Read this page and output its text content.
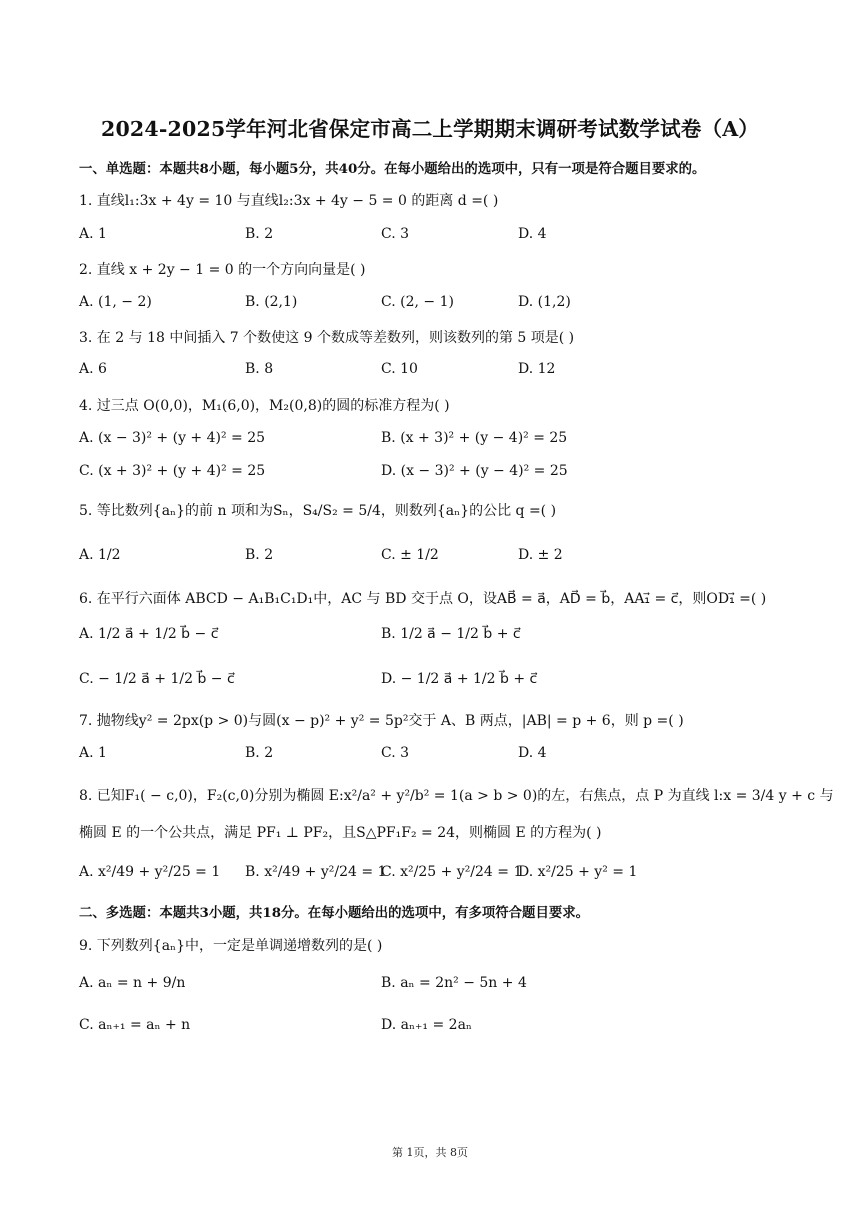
2024-2025学年河北省保定市高二上学期期末调研考试数学试卷（A）
一、单选题：本题共8小题，每小题5分，共40分。在每小题给出的选项中，只有一项是符合题目要求的。
1. 直线l₁:3x + 4y = 10 与直线l₂:3x + 4y − 5 = 0 的距离 d =( )
A. 1	B. 2	C. 3	D. 4
2. 直线 x + 2y − 1 = 0 的一个方向向量是( )
A. (1, − 2)	B. (2,1)	C. (2, − 1)	D. (1,2)
3. 在 2 与 18 中间插入 7 个数使这 9 个数成等差数列，则该数列的第 5 项是( )
A. 6	B. 8	C. 10	D. 12
4. 过三点 O(0,0)，M₁(6,0)，M₂(0,8)的圆的标准方程为( )
A. (x − 3)² + (y + 4)² = 25	B. (x + 3)² + (y − 4)² = 25
C. (x + 3)² + (y + 4)² = 25	D. (x − 3)² + (y − 4)² = 25
5. 等比数列{aₙ}的前 n 项和为Sₙ，S₄/S₂ = 5/4，则数列{aₙ}的公比 q =( )
A. 1/2	B. 2	C. ± 1/2	D. ± 2
6. 在平行六面体 ABCD − A₁B₁C₁D₁中，AC 与 BD 交于点 O，设AB⃗ = a⃗，AD⃗ = b⃗，AA₁⃗ = c⃗，则OD₁⃗ =( )
A. 1/2 a⃗ + 1/2 b⃗ − c⃗	B. 1/2 a⃗ − 1/2 b⃗ + c⃗
C. − 1/2 a⃗ + 1/2 b⃗ − c⃗	D. − 1/2 a⃗ + 1/2 b⃗ + c⃗
7. 抛物线y² = 2px(p > 0)与圆(x − p)² + y² = 5p²交于 A、B 两点，|AB| = p + 6，则 p =( )
A. 1	B. 2	C. 3	D. 4
8. 已知F₁( − c,0)，F₂(c,0)分别为椭圆 E:x²/a² + y²/b² = 1(a > b > 0)的左，右焦点，点 P 为直线 l:x = 3/4 y + c 与
椭圆 E 的一个公共点，满足 PF₁ ⊥ PF₂，且S△PF₁F₂ = 24，则椭圆 E 的方程为( )
A. x²/49 + y²/25 = 1 B. x²/49 + y²/24 = 1
C. x²/25 + y²/24 = 1
D. x²/25 + y² = 1
二、多选题：本题共3小题，共18分。在每小题给出的选项中，有多项符合题目要求。
9. 下列数列{aₙ}中，一定是单调递增数列的是( )
A. aₙ = n + 9/n	B. aₙ = 2n² − 5n + 4
C. aₙ₊₁ = aₙ + n	D. aₙ₊₁ = 2aₙ
第 1页，共 8页
